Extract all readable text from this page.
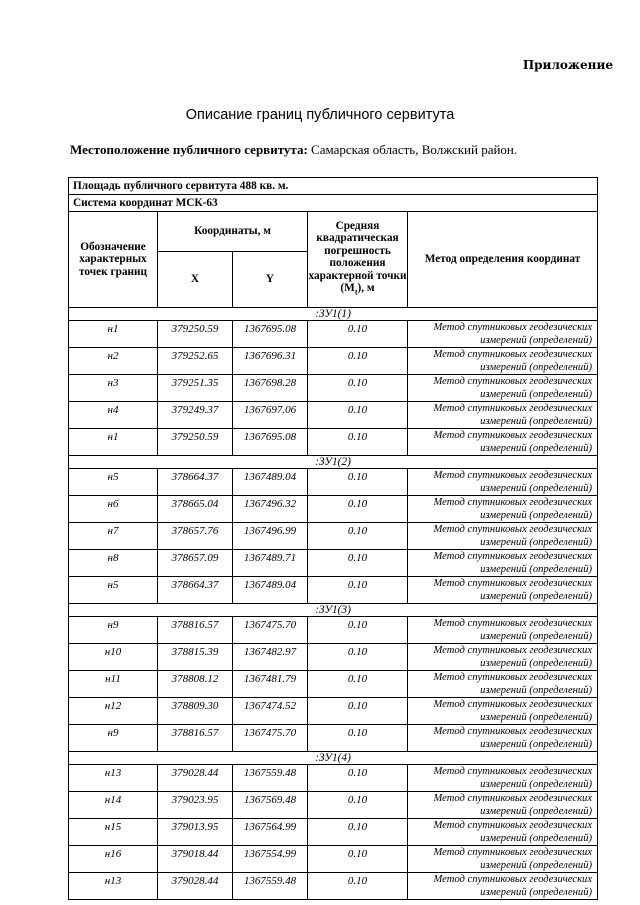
Приложение
Описание границ публичного сервитута
Местоположение публичного сервитута: Самарская область, Волжский район.
Площадь публичного сервитута 488 кв. м.				
Система координат МСК-63				
Обозначение характерных точек границ	Координаты, м		Средняя квадратическая погрешность положения характерной точки $(M_t)$, м	Метод определения координат
	X	Y		
:ЗУ1(1)				
н1	379250.59	1367695.08	0.10	Метод спутниковых геодезических измерений (определений)
н2	379252.65	1367696.31	0.10	Метод спутниковых геодезических измерений (определений)
н3	379251.35	1367698.28	0.10	Метод спутниковых геодезических измерений (определений)
н4	379249.37	1367697.06	0.10	Метод спутниковых геодезических измерений (определений)
н1	379250.59	1367695.08	0.10	Метод спутниковых геодезических измерений (определений)
:ЗУ1(2)				
н5	378664.37	1367489.04	0.10	Метод спутниковых геодезических измерений (определений)
н6	378665.04	1367496.32	0.10	Метод спутниковых геодезических измерений (определений)
н7	378657.76	1367496.99	0.10	Метод спутниковых геодезических измерений (определений)
н8	378657.09	1367489.71	0.10	Метод спутниковых геодезических измерений (определений)
н5	378664.37	1367489.04	0.10	Метод спутниковых геодезических измерений (определений)
:ЗУ1(3)				
н9	378816.57	1367475.70	0.10	Метод спутниковых геодезических измерений (определений)
н10	378815.39	1367482.97	0.10	Метод спутниковых геодезических измерений (определений)
н11	378808.12	1367481.79	0.10	Метод спутниковых геодезических измерений (определений)
н12	378809.30	1367474.52	0.10	Метод спутниковых геодезических измерений (определений)
н9	378816.57	1367475.70	0.10	Метод спутниковых геодезических измерений (определений)
:ЗУ1(4)				
н13	379028.44	1367559.48	0.10	Метод спутниковых геодезических измерений (определений)
н14	379023.95	1367569.48	0.10	Метод спутниковых геодезических измерений (определений)
н15	379013.95	1367564.99	0.10	Метод спутниковых геодезических измерений (определений)
н16	379018.44	1367554.99	0.10	Метод спутниковых геодезических измерений (определений)
н13	379028.44	1367559.48	0.10	Метод спутниковых геодезических измерений (определений)
